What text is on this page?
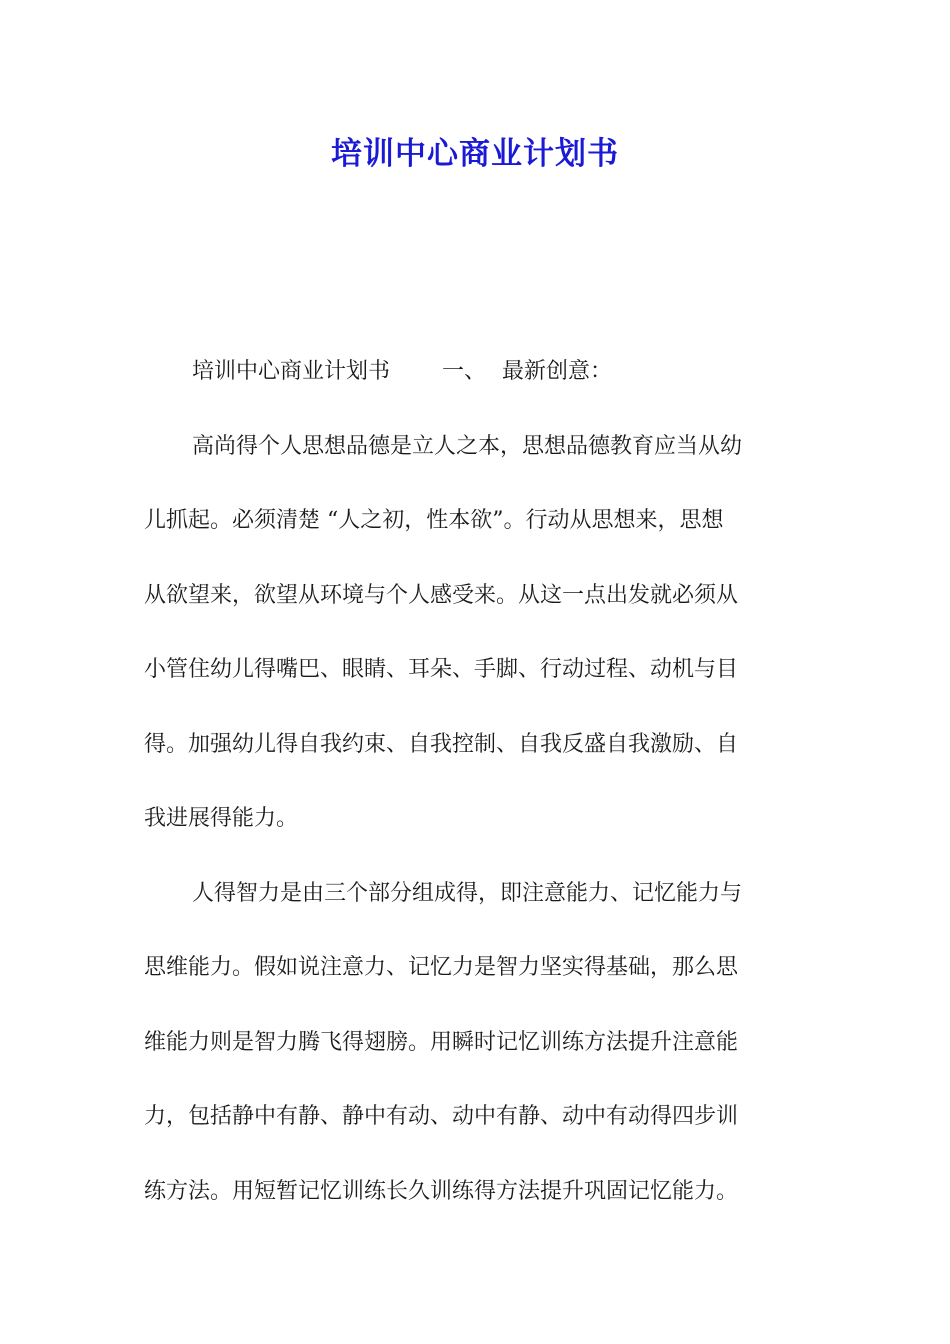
培训中心商业计划书

培训中心商业计划书 一、 最新创意：

高尚得个人思想品德是立人之本，思想品德教育应当从幼

儿抓起。必须清楚 “人之初，性本欲”。行动从思想来，思想

从欲望来，欲望从环境与个人感受来。从这一点出发就必须从

小管住幼儿得嘴巴、眼睛、耳朵、手脚、行动过程、动机与目

得。加强幼儿得自我约束、自我控制、自我反盛自我激励、自

我进展得能力。

人得智力是由三个部分组成得，即注意能力、记忆能力与

思维能力。假如说注意力、记忆力是智力坚实得基础，那么思

维能力则是智力腾飞得翅膀。用瞬时记忆训练方法提升注意能

力，包括静中有静、静中有动、动中有静、动中有动得四步训

练方法。用短暂记忆训练长久训练得方法提升巩固记忆能力。
